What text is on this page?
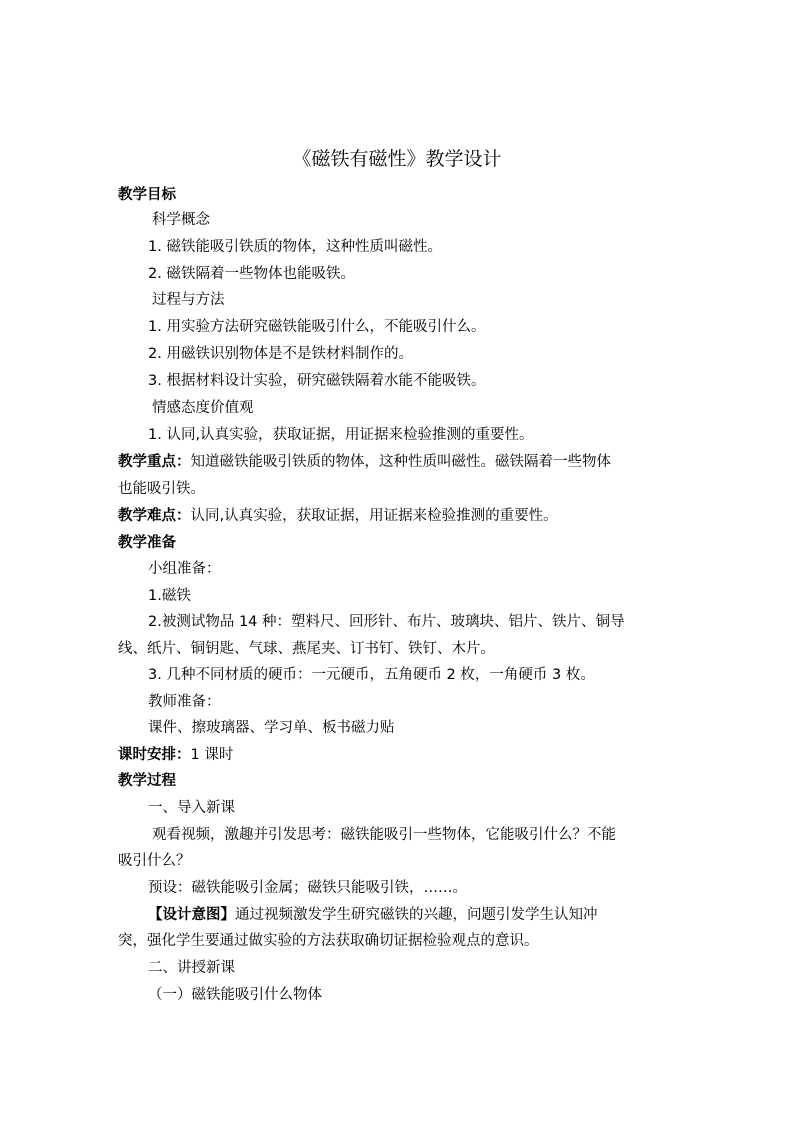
《磁铁有磁性》教学设计
教学目标
科学概念
1. 磁铁能吸引铁质的物体，这种性质叫磁性。
2. 磁铁隔着一些物体也能吸铁。
过程与方法
1. 用实验方法研究磁铁能吸引什么，不能吸引什么。
2. 用磁铁识别物体是不是铁材料制作的。
3. 根据材料设计实验，研究磁铁隔着水能不能吸铁。
情感态度价值观
1. 认同,认真实验，获取证据，用证据来检验推测的重要性。
教学重点：知道磁铁能吸引铁质的物体，这种性质叫磁性。磁铁隔着一些物体
也能吸引铁。
教学难点：认同,认真实验，获取证据，用证据来检验推测的重要性。
教学准备
小组准备：
1.磁铁
2.被测试物品 14 种：塑料尺、回形针、布片、玻璃块、铝片、铁片、铜导
线、纸片、铜钥匙、气球、燕尾夹、订书钉、铁钉、木片。
3. 几种不同材质的硬币：一元硬币，五角硬币 2 枚，一角硬币 3 枚。
教师准备：
课件、擦玻璃器、学习单、板书磁力贴
课时安排：1 课时
教学过程
一、导入新课
观看视频，激趣并引发思考：磁铁能吸引一些物体，它能吸引什么？不能
吸引什么？
预设：磁铁能吸引金属；磁铁只能吸引铁，……。
【设计意图】通过视频激发学生研究磁铁的兴趣，问题引发学生认知冲
突，强化学生要通过做实验的方法获取确切证据检验观点的意识。
二、讲授新课
（一）磁铁能吸引什么物体
